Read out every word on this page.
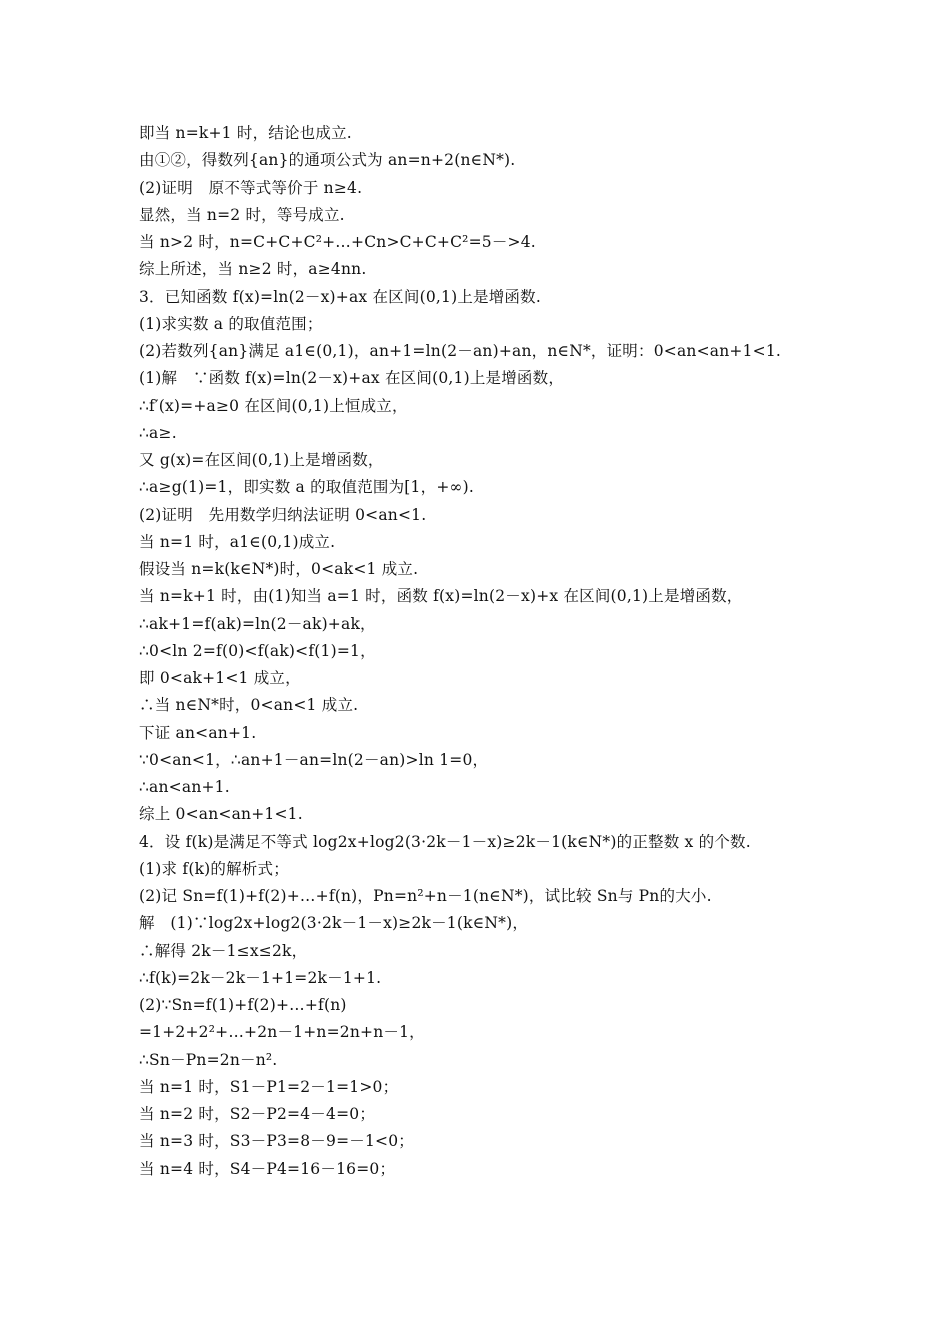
即当 n=k+1 时，结论也成立.
由①②，得数列{an}的通项公式为 an=n+2(n∈N*).
(2)证明　原不等式等价于 n≥4.
显然，当 n=2 时，等号成立.
当 n>2 时，n=C+C+C²+…+Cn>C+C+C²=5－>4.
综上所述，当 n≥2 时，a≥4nn.
3．已知函数 f(x)=ln(2－x)+ax 在区间(0,1)上是增函数.
(1)求实数 a 的取值范围；
(2)若数列{an}满足 a1∈(0,1)，an+1=ln(2－an)+an，n∈N*，证明：0<an<an+1<1.
(1)解　∵函数 f(x)=ln(2－x)+ax 在区间(0,1)上是增函数，
∴f′(x)=+a≥0 在区间(0,1)上恒成立，
∴a≥.
又 g(x)=在区间(0,1)上是增函数，
∴a≥g(1)=1，即实数 a 的取值范围为[1，+∞).
(2)证明　先用数学归纳法证明 0<an<1.
当 n=1 时，a1∈(0,1)成立.
假设当 n=k(k∈N*)时，0<ak<1 成立.
当 n=k+1 时，由(1)知当 a=1 时，函数 f(x)=ln(2－x)+x 在区间(0,1)上是增函数，
∴ak+1=f(ak)=ln(2－ak)+ak，
∴0<ln 2=f(0)<f(ak)<f(1)=1，
即 0<ak+1<1 成立，
∴当 n∈N*时，0<an<1 成立.
下证 an<an+1.
∵0<an<1，∴an+1－an=ln(2－an)>ln 1=0，
∴an<an+1.
综上 0<an<an+1<1.
4．设 f(k)是满足不等式 log2x+log2(3·2k－1－x)≥2k－1(k∈N*)的正整数 x 的个数.
(1)求 f(k)的解析式；
(2)记 Sn=f(1)+f(2)+…+f(n)，Pn=n²+n－1(n∈N*)，试比较 Sn与 Pn的大小.
解　(1)∵log2x+log2(3·2k－1－x)≥2k－1(k∈N*)，
∴解得 2k－1≤x≤2k，
∴f(k)=2k－2k－1+1=2k－1+1.
(2)∵Sn=f(1)+f(2)+…+f(n)
=1+2+2²+…+2n－1+n=2n+n－1，
∴Sn－Pn=2n－n².
当 n=1 时，S1－P1=2－1=1>0；
当 n=2 时，S2－P2=4－4=0；
当 n=3 时，S3－P3=8－9=－1<0；
当 n=4 时，S4－P4=16－16=0；
